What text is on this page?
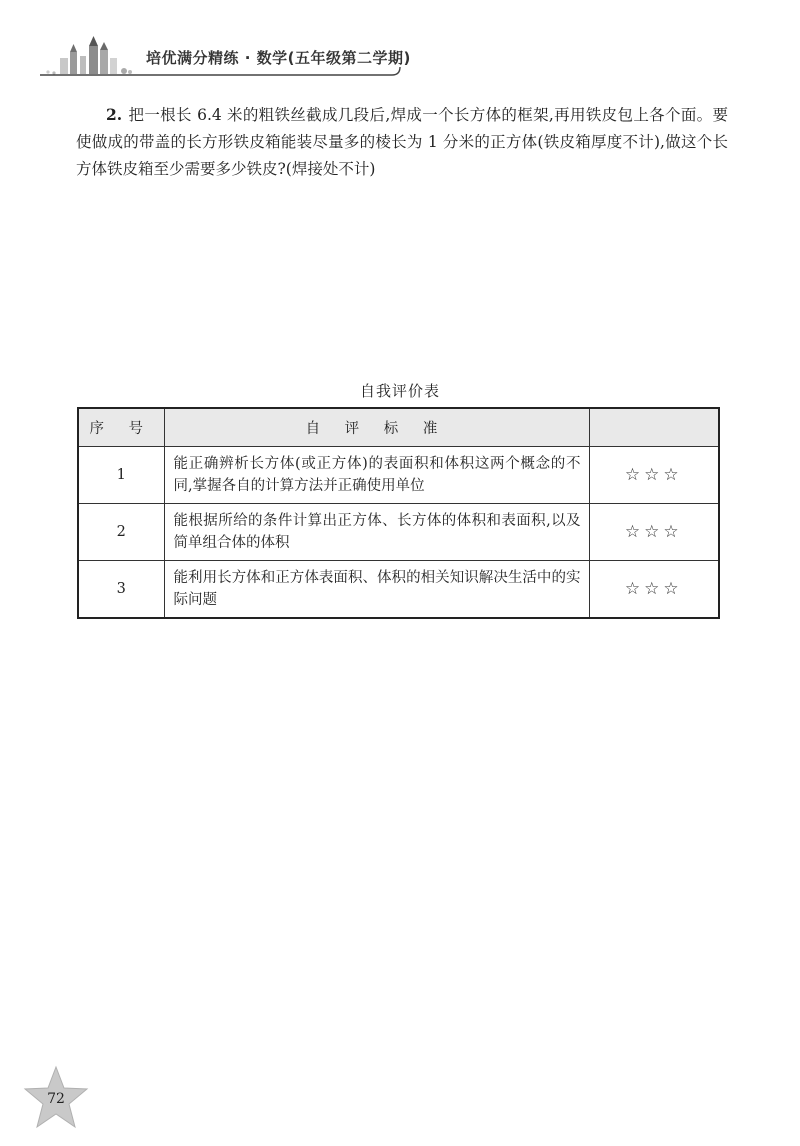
培优满分精练 · 数学(五年级第二学期)
2. 把一根长 6.4 米的粗铁丝截成几段后,焊成一个长方体的框架,再用铁皮包上各个面。要使做成的带盖的长方形铁皮箱能装尽量多的棱长为 1 分米的正方体(铁皮箱厚度不计),做这个长方体铁皮箱至少需要多少铁皮?(焊接处不计)
自我评价表
序 号	自 评 标 准	
1	能正确辨析长方体(或正方体)的表面积和体积这两个概念的不同,掌握各自的计算方法并正确使用单位	☆☆☆
2	能根据所给的条件计算出正方体、长方体的体积和表面积,以及简单组合体的体积	☆☆☆
3	能利用长方体和正方体表面积、体积的相关知识解决生活中的实际问题	☆☆☆
72
